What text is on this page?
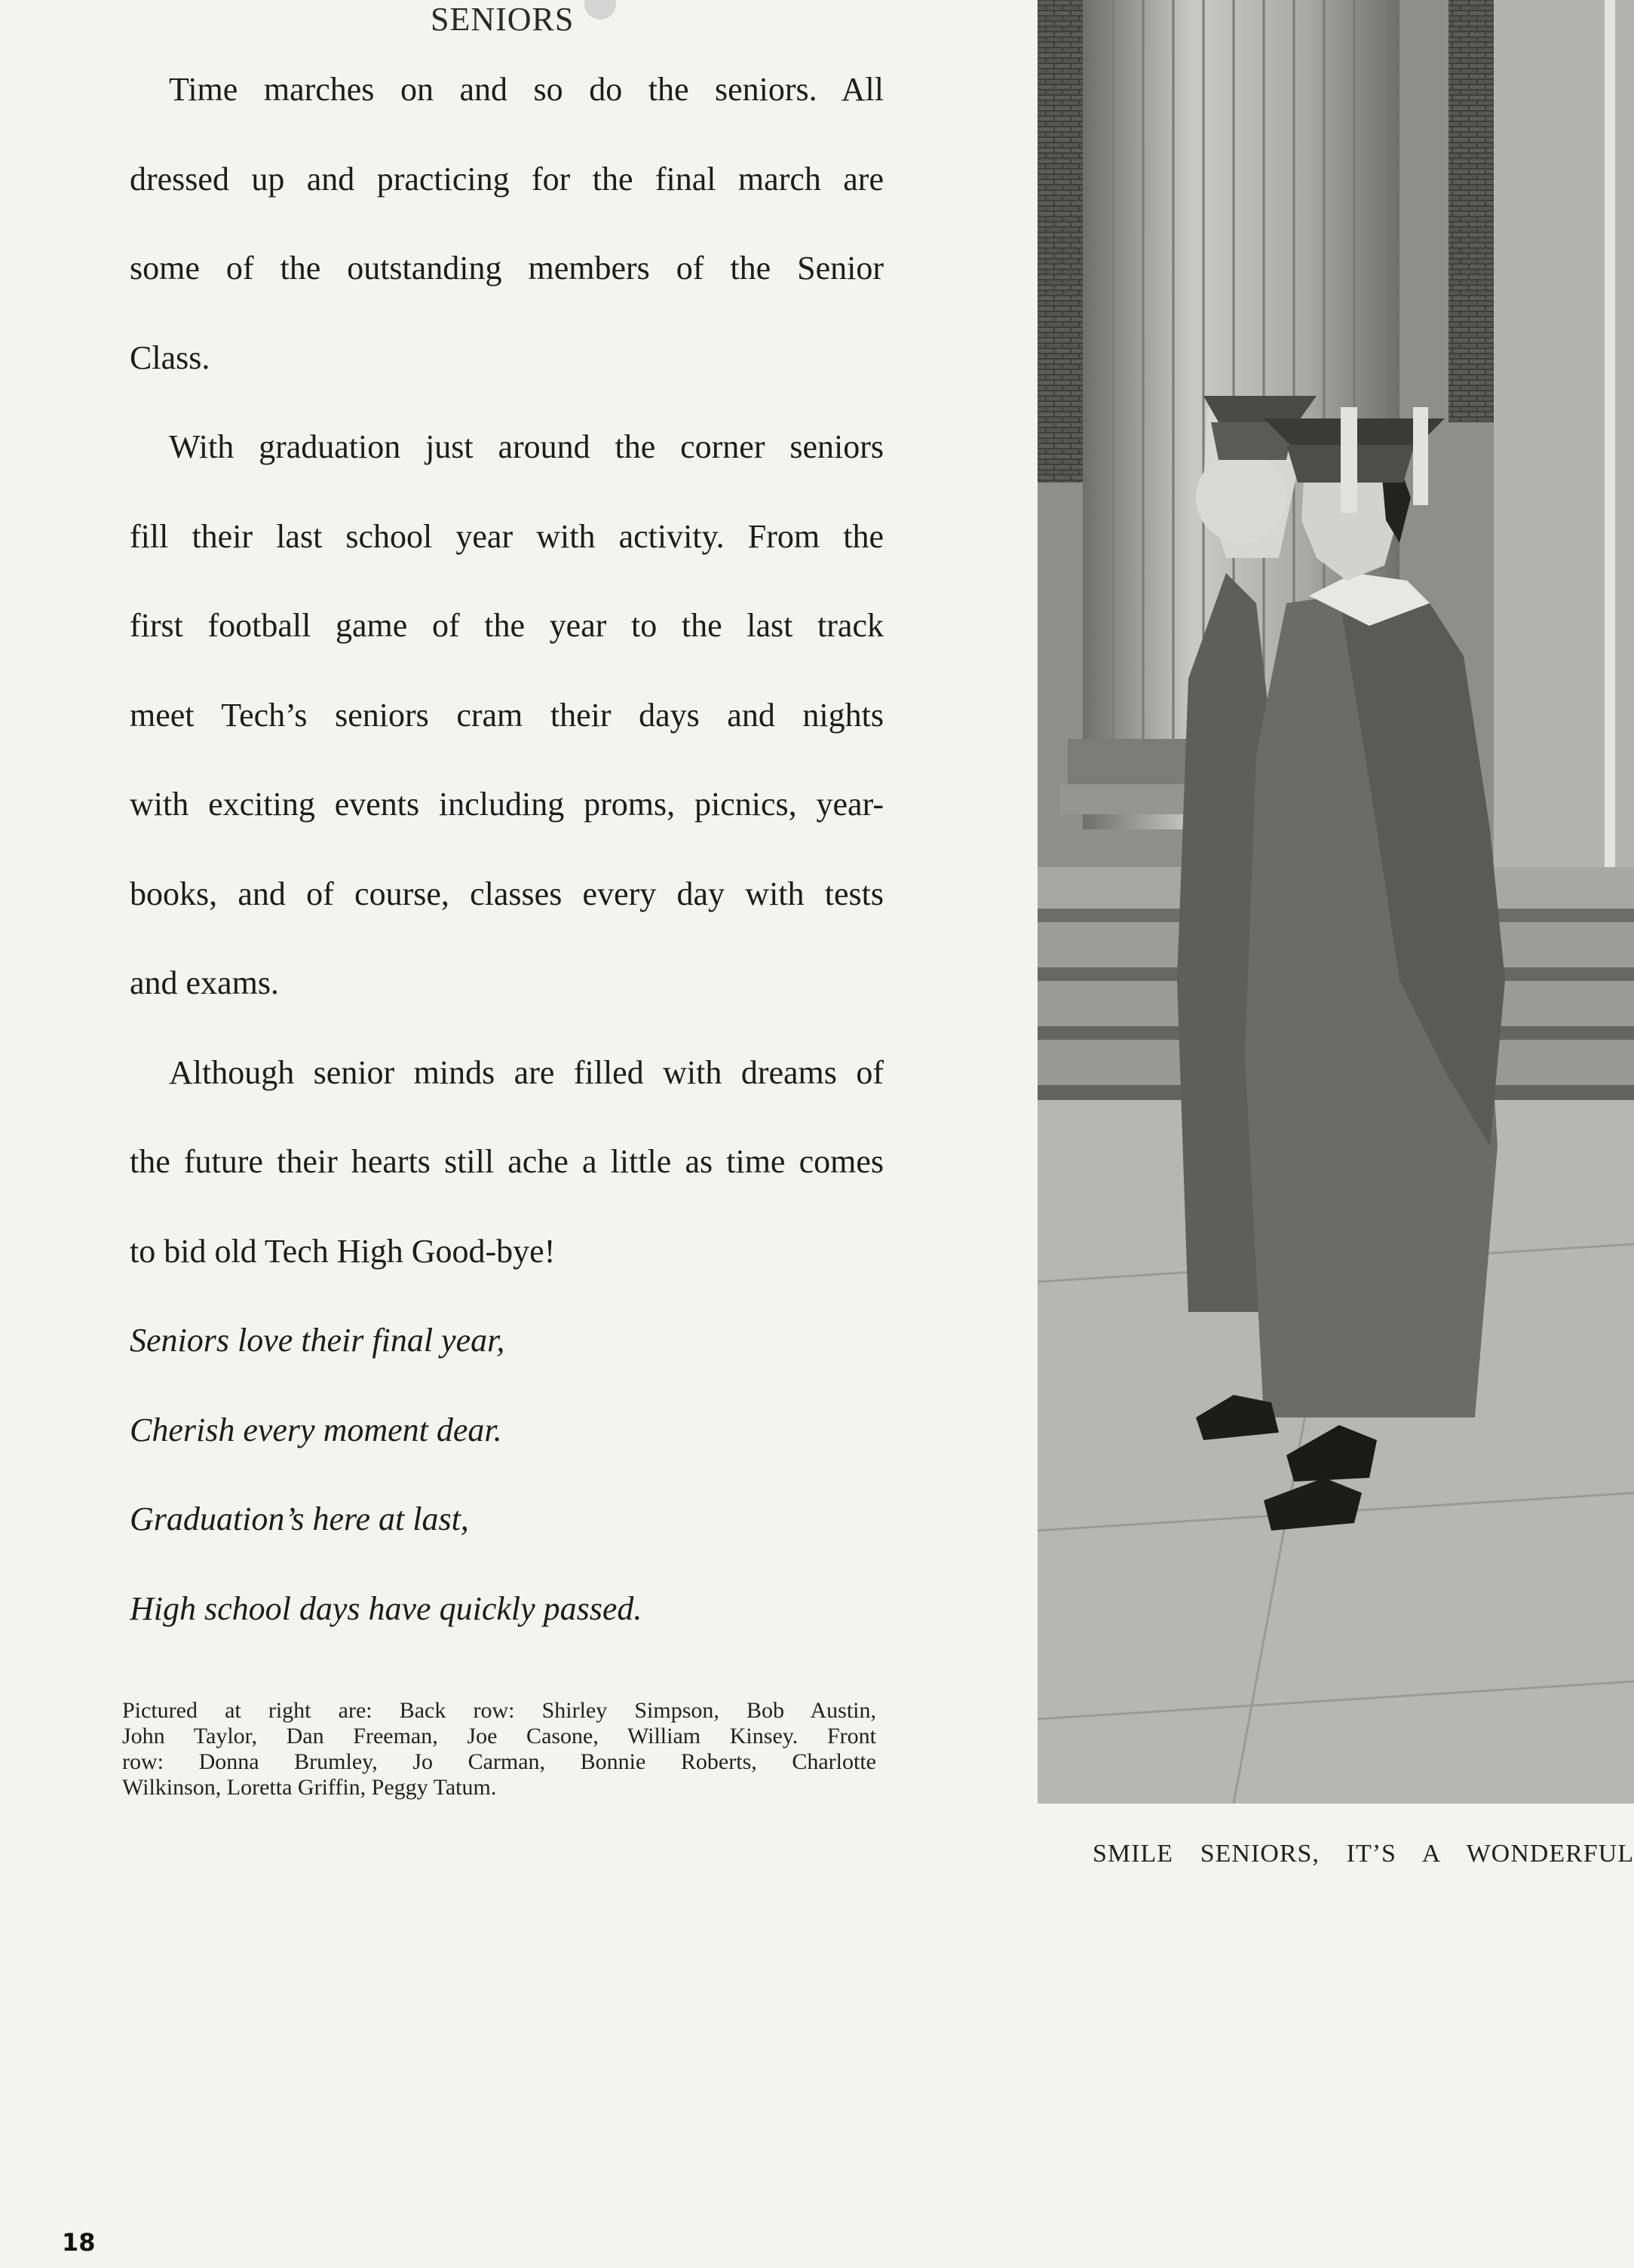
SENIORS
Time marches on and so do the seniors. All
dressed up and practicing for the final march are
some of the outstanding members of the Senior
Class.
With graduation just around the corner seniors
fill their last school year with activity. From the
first football game of the year to the last track
meet Tech’s seniors cram their days and nights
with exciting events including proms, picnics, year-
books, and of course, classes every day with tests
and exams.
Although senior minds are filled with dreams of
the future their hearts still ache a little as time comes
to bid old Tech High Good-bye!
Seniors love their final year,
Cherish every moment dear.
Graduation’s here at last,
High school days have quickly passed.
Pictured at right are: Back row: Shirley Simpson, Bob Austin,
John Taylor, Dan Freeman, Joe Casone, William Kinsey. Front
row: Donna Brumley, Jo Carman, Bonnie Roberts, Charlotte
Wilkinson, Loretta Griffin, Peggy Tatum.
SMILE SENIORS, IT’S A WONDERFUL
18
